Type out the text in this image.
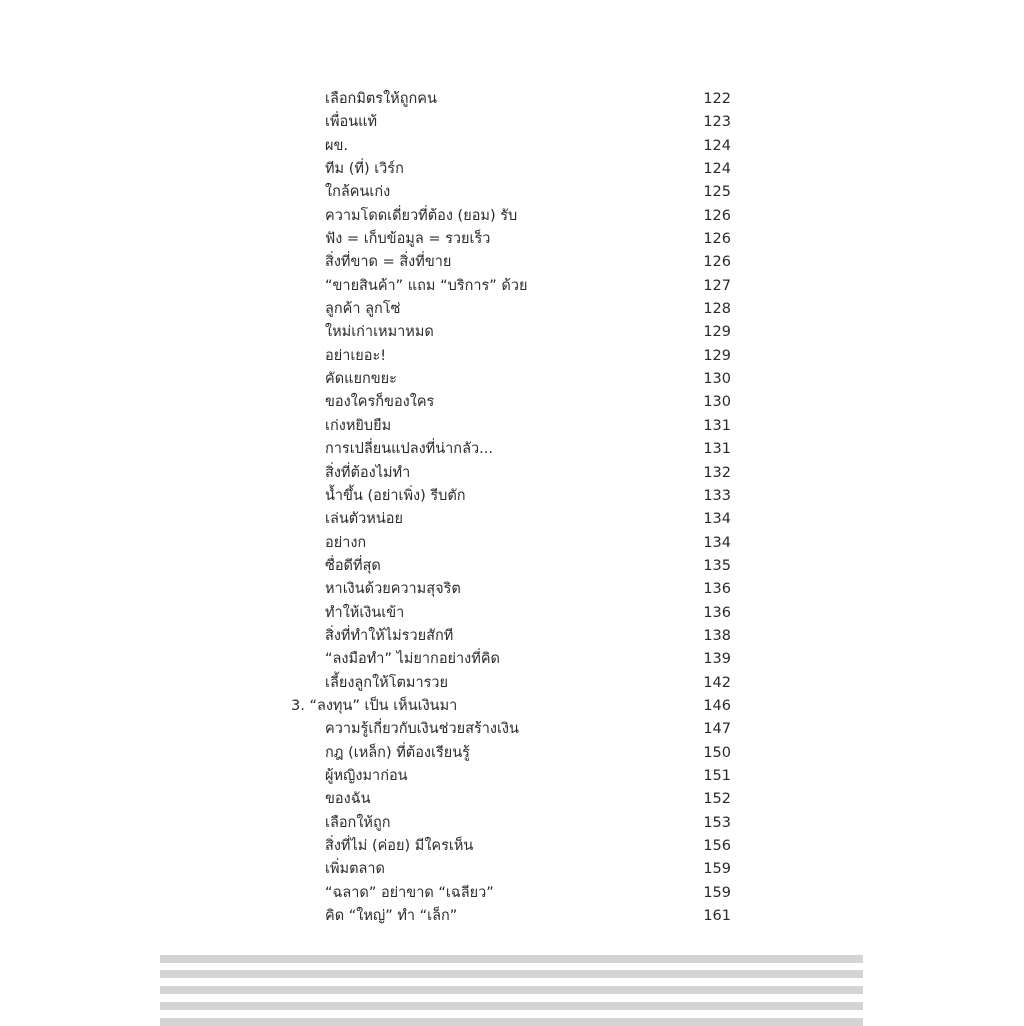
เลือกมิตรให้ถูกคน	122
เพื่อนแท้	123
ผข.	124
ทีม (ที่) เวิร์ก	124
ใกล้คนเก่ง	125
ความโดดเดี่ยวที่ต้อง (ยอม) รับ	126
ฟัง = เก็บข้อมูล = รวยเร็ว	126
สิ่งที่ขาด = สิ่งที่ขาย	126
“ขายสินค้า” แถม “บริการ” ด้วย	127
ลูกค้า ลูกโซ่	128
ใหม่เก่าเหมาหมด	129
อย่าเยอะ!	129
คัดแยกขยะ	130
ของใครก็ของใคร	130
เก่งหยิบยืม	131
การเปลี่ยนแปลงที่น่ากลัว...	131
สิ่งที่ต้องไม่ทำ	132
น้ำขึ้น (อย่าเพิ่ง) รีบตัก	133
เล่นตัวหน่อย	134
อย่างก	134
ซื่อดีที่สุด	135
หาเงินด้วยความสุจริต	136
ทำให้เงินเข้า	136
สิ่งที่ทำให้ไม่รวยสักที	138
“ลงมือทำ” ไม่ยากอย่างที่คิด	139
เลี้ยงลูกให้โตมารวย	142
3. “ลงทุน” เป็น เห็นเงินมา	146
ความรู้เกี่ยวกับเงินช่วยสร้างเงิน	147
กฎ (เหล็ก) ที่ต้องเรียนรู้	150
ผู้หญิงมาก่อน	151
ของฉัน	152
เลือกให้ถูก	153
สิ่งที่ไม่ (ค่อย) มีใครเห็น	156
เพิ่มตลาด	159
“ฉลาด” อย่าขาด “เฉลียว”	159
คิด “ใหญ่” ทำ “เล็ก”	161
